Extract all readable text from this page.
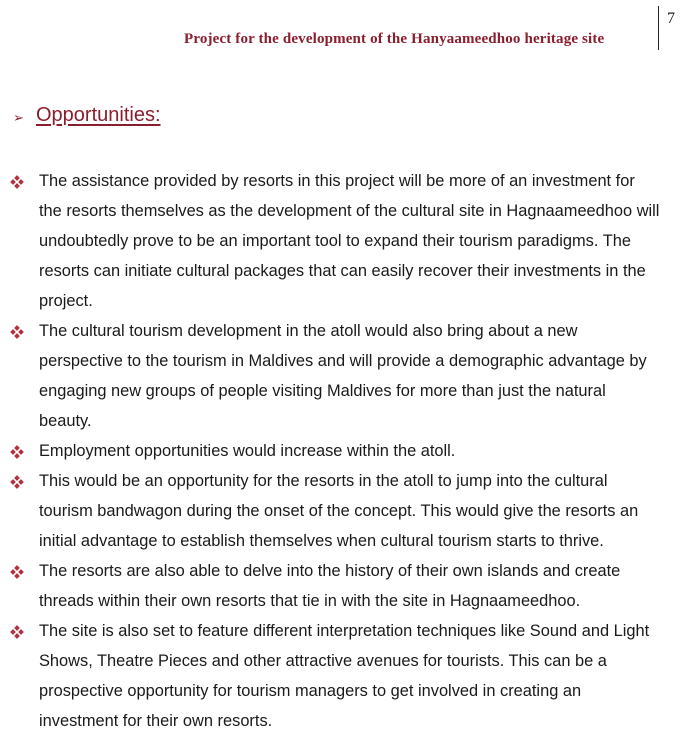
Project for the development of the Hanyaameedhoo heritage site
7
➢ Opportunities:
The assistance provided by resorts in this project will be more of an investment for the resorts themselves as the development of the cultural site in Hagnaameedhoo will undoubtedly prove to be an important tool to expand their tourism paradigms. The resorts can initiate cultural packages that can easily recover their investments in the project.
The cultural tourism development in the atoll would also bring about a new perspective to the tourism in Maldives and will provide a demographic advantage by engaging new groups of people visiting Maldives for more than just the natural beauty.
Employment opportunities would increase within the atoll.
This would be an opportunity for the resorts in the atoll to jump into the cultural tourism bandwagon during the onset of the concept. This would give the resorts an initial advantage to establish themselves when cultural tourism starts to thrive.
The resorts are also able to delve into the history of their own islands and create threads within their own resorts that tie in with the site in Hagnaameedhoo.
The site is also set to feature different interpretation techniques like Sound and Light Shows, Theatre Pieces and other attractive avenues for tourists. This can be a prospective opportunity for tourism managers to get involved in creating an investment for their own resorts.
